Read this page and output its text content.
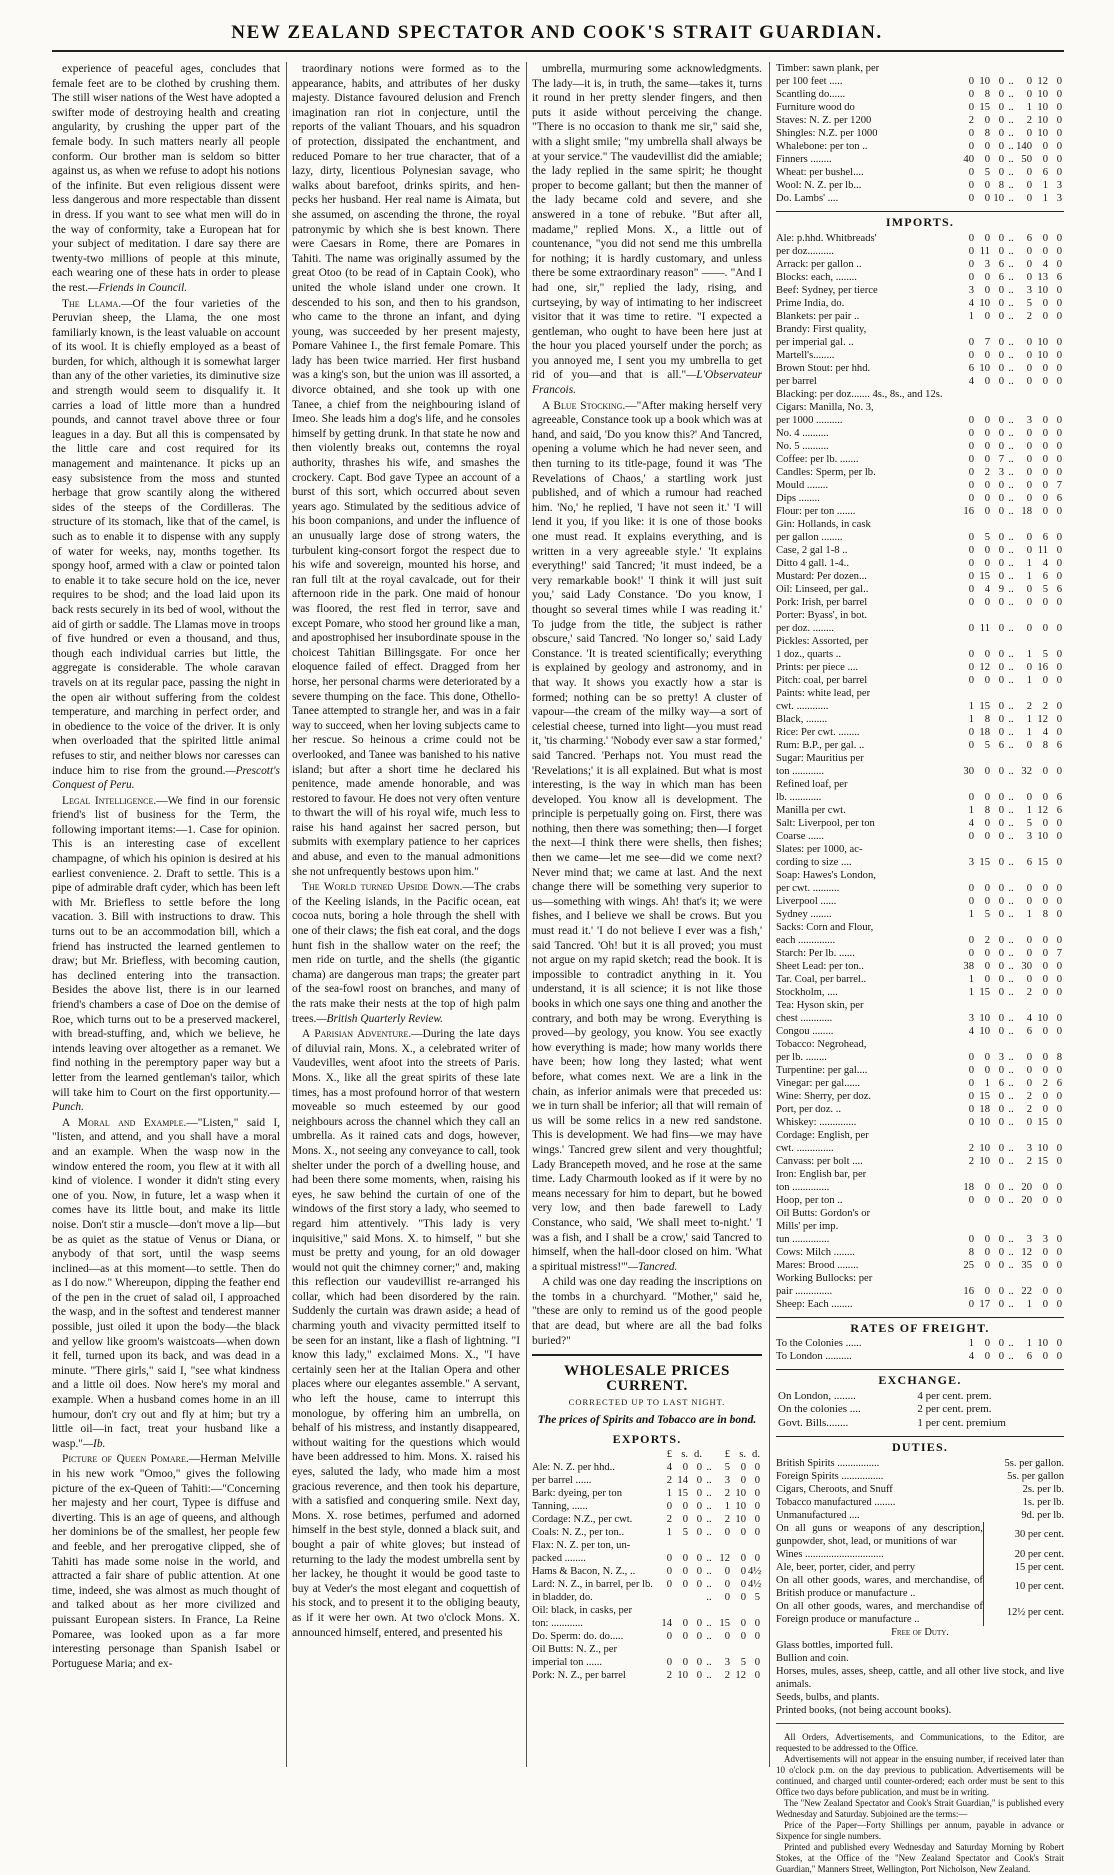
NEW ZEALAND SPECTATOR AND COOK'S STRAIT GUARDIAN.

experience of peaceful ages, concludes that female feet are to be clothed by crushing them. The still wiser nations of the West have adopted a swifter mode of destroying health and creating angularity, by crushing the upper part of the female body. In such matters nearly all people conform. Our brother man is seldom so bitter against us, as when we refuse to adopt his notions of the infinite. But even religious dissent were less dangerous and more respectable than dissent in dress. If you want to see what men will do in the way of conformity, take a European hat for your subject of meditation. I dare say there are twenty-two millions of people at this minute, each wearing one of these hats in order to please the rest.—Friends in Council.

The Llama.—Of the four varieties of the Peruvian sheep, the Llama, the one most familiarly known, is the least valuable on account of its wool. It is chiefly employed as a beast of burden, for which, although it is somewhat larger than any of the other varieties, its diminutive size and strength would seem to disqualify it. It carries a load of little more than a hundred pounds, and cannot travel above three or four leagues in a day. But all this is compensated by the little care and cost required for its management and maintenance. It picks up an easy subsistence from the moss and stunted herbage that grow scantily along the withered sides of the steeps of the Cordilleras. The structure of its stomach, like that of the camel, is such as to enable it to dispense with any supply of water for weeks, nay, months together. Its spongy hoof, armed with a claw or pointed talon to enable it to take secure hold on the ice, never requires to be shod; and the load laid upon its back rests securely in its bed of wool, without the aid of girth or saddle. The Llamas move in troops of five hundred or even a thousand, and thus, though each individual carries but little, the aggregate is considerable. The whole caravan travels on at its regular pace, passing the night in the open air without suffering from the coldest temperature, and marching in perfect order, and in obedience to the voice of the driver. It is only when overloaded that the spirited little animal refuses to stir, and neither blows nor caresses can induce him to rise from the ground.—Prescott's Conquest of Peru.

Legal Intelligence.—We find in our forensic friend's list of business for the Term, the following important items:—1. Case for opinion. This is an interesting case of excellent champagne, of which his opinion is desired at his earliest convenience. 2. Draft to settle. This is a pipe of admirable draft cyder, which has been left with Mr. Briefless to settle before the long vacation. 3. Bill with instructions to draw. This turns out to be an accommodation bill, which a friend has instructed the learned gentlemen to draw; but Mr. Briefless, with becoming caution, has declined entering into the transaction. Besides the above list, there is in our learned friend's chambers a case of Doe on the demise of Roe, which turns out to be a preserved mackerel, with bread-stuffing, and, which we believe, he intends leaving over altogether as a remanet. We find nothing in the peremptory paper way but a letter from the learned gentleman's tailor, which will take him to Court on the first opportunity.—Punch.

A Moral and Example.—"Listen," said I, "listen, and attend, and you shall have a moral and an example. When the wasp now in the window entered the room, you flew at it with all kind of violence. I wonder it didn't sting every one of you. Now, in future, let a wasp when it comes have its little bout, and make its little noise. Don't stir a muscle—don't move a lip—but be as quiet as the statue of Venus or Diana, or anybody of that sort, until the wasp seems inclined—as at this moment—to settle. Then do as I do now." Whereupon, dipping the feather end of the pen in the cruet of salad oil, I approached the wasp, and in the softest and tenderest manner possible, just oiled it upon the body—the black and yellow like groom's waistcoats—when down it fell, turned upon its back, and was dead in a minute. "There girls," said I, "see what kindness and a little oil does. Now here's my moral and example. When a husband comes home in an ill humour, don't cry out and fly at him; but try a little oil—in fact, treat your husband like a wasp."—Ib.

Picture of Queen Pomare.—Herman Melville in his new work "Omoo," gives the following picture of the ex-Queen of Tahiti:—"Concerning her majesty and her court, Typee is diffuse and diverting. This is an age of queens, and although her dominions be of the smallest, her people few and feeble, and her prerogative clipped, she of Tahiti has made some noise in the world, and attracted a fair share of public attention. At one time, indeed, she was almost as much thought of and talked about as her more civilized and puissant European sisters. In France, La Reine Pomaree, was looked upon as a far more interesting personage than Spanish Isabel or Portuguese Maria; and ex-

traordinary notions were formed as to the appearance, habits, and attributes of her dusky majesty. Distance favoured delusion and French imagination ran riot in conjecture, until the reports of the valiant Thouars, and his squadron of protection, dissipated the enchantment, and reduced Pomare to her true character, that of a lazy, dirty, licentious Polynesian savage, who walks about barefoot, drinks spirits, and hen-pecks her husband. Her real name is Aimata, but she assumed, on ascending the throne, the royal patronymic by which she is best known. There were Caesars in Rome, there are Pomares in Tahiti. The name was originally assumed by the great Otoo (to be read of in Captain Cook), who united the whole island under one crown. It descended to his son, and then to his grandson, who came to the throne an infant, and dying young, was succeeded by her present majesty, Pomare Vahinee I., the first female Pomare. This lady has been twice married. Her first husband was a king's son, but the union was ill assorted, a divorce obtained, and she took up with one Tanee, a chief from the neighbouring island of Imeo. She leads him a dog's life, and he consoles himself by getting drunk. In that state he now and then violently breaks out, contemns the royal authority, thrashes his wife, and smashes the crockery. Capt. Bod gave Typee an account of a burst of this sort, which occurred about seven years ago. Stimulated by the seditious advice of his boon companions, and under the influence of an unusually large dose of strong waters, the turbulent king-consort forgot the respect due to his wife and sovereign, mounted his horse, and ran full tilt at the royal cavalcade, out for their afternoon ride in the park. One maid of honour was floored, the rest fled in terror, save and except Pomare, who stood her ground like a man, and apostrophised her insubordinate spouse in the choicest Tahitian Billingsgate. For once her eloquence failed of effect. Dragged from her horse, her personal charms were deteriorated by a severe thumping on the face. This done, Othello-Tanee attempted to strangle her, and was in a fair way to succeed, when her loving subjects came to her rescue. So heinous a crime could not be overlooked, and Tanee was banished to his native island; but after a short time he declared his penitence, made amende honorable, and was restored to favour. He does not very often venture to thwart the will of his royal wife, much less to raise his hand against her sacred person, but submits with exemplary patience to her caprices and abuse, and even to the manual admonitions she not unfrequently bestows upon him."

The World turned Upside Down.—The crabs of the Keeling islands, in the Pacific ocean, eat cocoa nuts, boring a hole through the shell with one of their claws; the fish eat coral, and the dogs hunt fish in the shallow water on the reef; the men ride on turtle, and the shells (the gigantic chama) are dangerous man traps; the greater part of the sea-fowl roost on branches, and many of the rats make their nests at the top of high palm trees.—British Quarterly Review.

A Parisian Adventure.—During the late days of diluvial rain, Mons. X., a celebrated writer of Vaudevilles, went afoot into the streets of Paris. Mons. X., like all the great spirits of these late times, has a most profound horror of that western moveable so much esteemed by our good neighbours across the channel which they call an umbrella. As it rained cats and dogs, however, Mons. X., not seeing any conveyance to call, took shelter under the porch of a dwelling house, and had been there some moments, when, raising his eyes, he saw behind the curtain of one of the windows of the first story a lady, who seemed to regard him attentively. "This lady is very inquisitive," said Mons. X. to himself, " but she must be pretty and young, for an old dowager would not quit the chimney corner;" and, making this reflection our vaudevillist re-arranged his collar, which had been disordered by the rain. Suddenly the curtain was drawn aside; a head of charming youth and vivacity permitted itself to be seen for an instant, like a flash of lightning. "I know this lady," exclaimed Mons. X., "I have certainly seen her at the Italian Opera and other places where our elegantes assemble." A servant, who left the house, came to interrupt this monologue, by offering him an umbrella, on behalf of his mistress, and instantly disappeared, without waiting for the questions which would have been addressed to him. Mons. X. raised his eyes, saluted the lady, who made him a most gracious reverence, and then took his departure, with a satisfied and conquering smile. Next day, Mons. X. rose betimes, perfumed and adorned himself in the best style, donned a black suit, and bought a pair of white gloves; but instead of returning to the lady the modest umbrella sent by her lackey, he thought it would be good taste to buy at Veder's the most elegant and coquettish of his stock, and to present it to the obliging beauty, as if it were her own. At two o'clock Mons. X. announced himself, entered, and presented his

umbrella, murmuring some acknowledgments. The lady—it is, in truth, the same—takes it, turns it round in her pretty slender fingers, and then puts it aside without perceiving the change. "There is no occasion to thank me sir," said she, with a slight smile; "my umbrella shall always be at your service." The vaudevillist did the amiable; the lady replied in the same spirit; he thought proper to become gallant; but then the manner of the lady became cold and severe, and she answered in a tone of rebuke. "But after all, madame," replied Mons. X., a little out of countenance, "you did not send me this umbrella for nothing; it is hardly customary, and unless there be some extraordinary reason" ——. "And I had one, sir," replied the lady, rising, and curtseying, by way of intimating to her indiscreet visitor that it was time to retire. "I expected a gentleman, who ought to have been here just at the hour you placed yourself under the porch; as you annoyed me, I sent you my umbrella to get rid of you—and that is all."—L'Observateur Francois.

A Blue Stocking.—"After making herself very agreeable, Constance took up a book which was at hand, and said, 'Do you know this?' And Tancred, opening a volume which he had never seen, and then turning to its title-page, found it was 'The Revelations of Chaos,' a startling work just published, and of which a rumour had reached him. 'No,' he replied, 'I have not seen it.' 'I will lend it you, if you like: it is one of those books one must read. It explains everything, and is written in a very agreeable style.' 'It explains everything!' said Tancred; 'it must indeed, be a very remarkable book!' 'I think it will just suit you,' said Lady Constance. 'Do you know, I thought so several times while I was reading it.' To judge from the title, the subject is rather obscure,' said Tancred. 'No longer so,' said Lady Constance. 'It is treated scientifically; everything is explained by geology and astronomy, and in that way. It shows you exactly how a star is formed; nothing can be so pretty! A cluster of vapour—the cream of the milky way—a sort of celestial cheese, turned into light—you must read it, 'tis charming.' 'Nobody ever saw a star formed,' said Tancred. 'Perhaps not. You must read the 'Revelations;' it is all explained. But what is most interesting, is the way in which man has been developed. You know all is development. The principle is perpetually going on. First, there was nothing, then there was something; then—I forget the next—I think there were shells, then fishes; then we came—let me see—did we come next? Never mind that; we came at last. And the next change there will be something very superior to us—something with wings. Ah! that's it; we were fishes, and I believe we shall be crows. But you must read it.' 'I do not believe I ever was a fish,' said Tancred. 'Oh! but it is all proved; you must not argue on my rapid sketch; read the book. It is impossible to contradict anything in it. You understand, it is all science; it is not like those books in which one says one thing and another the contrary, and both may be wrong. Everything is proved—by geology, you know. You see exactly how everything is made; how many worlds there have been; how long they lasted; what went before, what comes next. We are a link in the chain, as inferior animals were that preceded us: we in turn shall be inferior; all that will remain of us will be some relics in a new red sandstone. This is development. We had fins—we may have wings.' Tancred grew silent and very thoughtful; Lady Brancepeth moved, and he rose at the same time. Lady Charmouth looked as if it were by no means necessary for him to depart, but he bowed very low, and then bade farewell to Lady Constance, who said, 'We shall meet to-night.' 'I was a fish, and I shall be a crow,' said Tancred to himself, when the hall-door closed on him. 'What a spiritual mistress!'"—Tancred.

A child was one day reading the inscriptions on the tombs in a churchyard. "Mother," said he, "these are only to remind us of the good people that are dead, but where are all the bad folks buried?"

WHOLESALE PRICES CURRENT.
CORRECTED UP TO LAST NIGHT.
The prices of Spirits and Tobacco are in bond.
EXPORTS.
	£	s.	d.		£	s.	d.
Ale: N. Z. per hhd..	4	0	0	..	5	0	0
per barrel ......	2	14	0	..	3	0	0
Bark: dyeing, per ton	1	15	0	..	2	10	0
Tanning, ......	0	0	0	..	1	10	0
Cordage: N.Z., per cwt.	2	0	0	..	2	10	0
Coals: N. Z., per ton..	1	5	0	..	0	0	0
Flax: N. Z. per ton, un-							
packed ........	0	0	0	..	12	0	0
Hams & Bacon, N. Z., ..	0	0	0	..	0	0	4½
Lard: N. Z., in barrel, per lb.	0	0	0	..	0	0	4½
in bladder, do.				..	0	0	5
Oil: black, in casks, per							
ton: ............	14	0	0	..	15	0	0
Do. Sperm: do. do.....	0	0	0	..	0	0	0
Oil Butts: N. Z., per							
imperial ton ......	0	0	0	..	3	5	0
Pork: N. Z., per barrel	2	10	0	..	2	12	0
Timber: sawn plank, per							
per 100 feet .....	0	10	0	..	0	12	0
Scantling do......	0	8	0	..	0	10	0
Furniture wood do	0	15	0	..	1	10	0
Staves: N. Z. per 1200	2	0	0	..	2	10	0
Shingles: N.Z. per 1000	0	8	0	..	0	10	0
Whalebone: per ton ..	0	0	0	..	140	0	0
Finners ........	40	0	0	..	50	0	0
Wheat: per bushel....	0	5	0	..	0	6	0
Wool: N. Z. per lb...	0	0	8	..	0	1	3
Do. Lambs' ....	0	0	10	..	0	1	3
IMPORTS.
Ale: p.hhd. Whitbreads'	0	0	0	..	6	0	0
per doz..........	0	11	0	..	0	0	0
Arrack: per gallon ..	0	3	6	..	0	4	0
Blocks: each, ........	0	0	6	..	0	13	6
Beef: Sydney, per tierce	3	0	0	..	3	10	0
Prime India, do.	4	10	0	..	5	0	0
Blankets: per pair ..	1	0	0	..	2	0	0
Brandy: First quality,							
per imperial gal. ..	0	7	0	..	0	10	0
Martell's........	0	0	0	..	0	10	0
Brown Stout: per hhd.	6	10	0	..	0	0	0
per barrel	4	0	0	..	0	0	0
Blacking: per doz....... 4s., 8s., and 12s.							
Cigars: Manilla, No. 3,							
per 1000 ..........	0	0	0	..	3	0	0
No. 4 ..........	0	0	0	..	0	0	0
No. 5 ..........	0	0	0	..	0	0	0
Coffee: per lb. .......	0	0	7	..	0	0	0
Candles: Sperm, per lb.	0	2	3	..	0	0	0
Mould ........	0	0	0	..	0	0	7
Dips ........	0	0	0	..	0	0	6
Flour: per ton .......	16	0	0	..	18	0	0
Gin: Hollands, in cask							
per gallon ........	0	5	0	..	0	6	0
Case, 2 gal 1-8 ..	0	0	0	..	0	11	0
Ditto 4 gall. 1-4..	0	0	0	..	1	4	0
Mustard: Per dozen...	0	15	0	..	1	6	0
Oil: Linseed, per gal..	0	4	9	..	0	5	6
Pork: Irish, per barrel	0	0	0	..	0	0	0
Porter: Byass', in bot.							
per doz. ........	0	11	0	..	0	0	0
Pickles: Assorted, per							
1 doz., quarts ..	0	0	0	..	1	5	0
Prints: per piece ....	0	12	0	..	0	16	0
Pitch: coal, per barrel	0	0	0	..	1	0	0
Paints: white lead, per							
cwt. ............	1	15	0	..	2	2	0
Black, ........	1	8	0	..	1	12	0
Rice: Per cwt. ........	0	18	0	..	1	4	0
Rum: B.P., per gal. ..	0	5	6	..	0	8	6
Sugar: Mauritius per							
ton ............	30	0	0	..	32	0	0
Refined loaf, per							
lb. ............	0	0	0	..	0	0	6
Manilla per cwt.	1	8	0	..	1	12	6
Salt: Liverpool, per ton	4	0	0	..	5	0	0
Coarse ......	0	0	0	..	3	10	0
Slates: per 1000, ac-							
cording to size ....	3	15	0	..	6	15	0
Soap: Hawes's London,							
per cwt. ..........	0	0	0	..	0	0	0
Liverpool ......	0	0	0	..	0	0	0
Sydney ........	1	5	0	..	1	8	0
Sacks: Corn and Flour,							
each ..............	0	2	0	..	0	0	0
Starch: Per lb. ......	0	0	0	..	0	0	7
Sheet Lead: per ton..	38	0	0	..	30	0	0
Tar. Coal, per barrel..	1	0	0	..	0	0	0
Stockholm, ....	1	15	0	..	2	0	0
Tea: Hyson skin, per							
chest ............	3	10	0	..	4	10	0
Congou ........	4	10	0	..	6	0	0
Tobacco: Negrohead,							
per lb. ........	0	0	3	..	0	0	8
Turpentine: per gal....	0	0	0	..	0	0	0
Vinegar: per gal......	0	1	6	..	0	2	6
Wine: Sherry, per doz.	0	15	0	..	2	0	0
Port, per doz. ..	0	18	0	..	2	0	0
Whiskey: ..............	0	10	0	..	0	15	0
Cordage: English, per							
cwt. ..............	2	10	0	..	3	10	0
Canvass: per bolt ....	2	10	0	..	2	15	0
Iron: English bar, per							
ton ..............	18	0	0	..	20	0	0
Hoop, per ton ..	0	0	0	..	20	0	0
Oil Butts: Gordon's or							
Mills' per imp.							
tun ..............	0	0	0	..	3	3	0
Cows: Milch ........	8	0	0	..	12	0	0
Mares: Brood ........	25	0	0	..	35	0	0
Working Bullocks: per							
pair ..............	16	0	0	..	22	0	0
Sheep: Each ........	0	17	0	..	1	0	0
RATES OF FREIGHT.
To the Colonies ......	1	0	0	..	1	10	0
To London ..........	4	0	0	..	6	0	0
EXCHANGE.
On London, ........	4 per cent. prem.
On the colonies ....	2 per cent. prem.
Govt. Bills........	1 per cent. premium
DUTIES.
British Spirits ................	5s. per gallon.
Foreign Spirits ................	5s. per gallon
Cigars, Cheroots, and Snuff	2s. per lb.
Tobacco manufactured ........	1s. per lb.
Unmanufactured ....	9d. per lb.
On all guns or weapons of any description, gunpowder, shot, lead, or munitions of war	30 per cent.
Wines ..............................	20 per cent.
Ale, beer, porter, cider, and perry	15 per cent.
On all other goods, wares, and merchandise, of British produce or manufacture ..	10 per cent.
On all other goods, wares, and merchandise of Foreign produce or manufacture ..	12½ per cent.
Free of Duty.
Glass bottles, imported full.
Bullion and coin.
Horses, mules, asses, sheep, cattle, and all other live stock, and live animals.
Seeds, bulbs, and plants.
Printed books, (not being account books).

All Orders, Advertisements, and Communications, to the Editor, are requested to be addressed to the Office.

Advertisements will not appear in the ensuing number, if received later than 10 o'clock p.m. on the day previous to publication. Advertisements will be continued, and charged until counter-ordered; each order must be sent to this Office two days before publication, and must be in writing.

The "New Zealand Spectator and Cook's Strait Guardian," is published every Wednesday and Saturday. Subjoined are the terms:—

Price of the Paper—Forty Shillings per annum, payable in advance or Sixpence for single numbers.

Printed and published every Wednesday and Saturday Morning by Robert Stokes, at the Office of the "New Zealand Spectator and Cook's Strait Guardian," Manners Street, Wellington, Port Nicholson, New Zealand.
